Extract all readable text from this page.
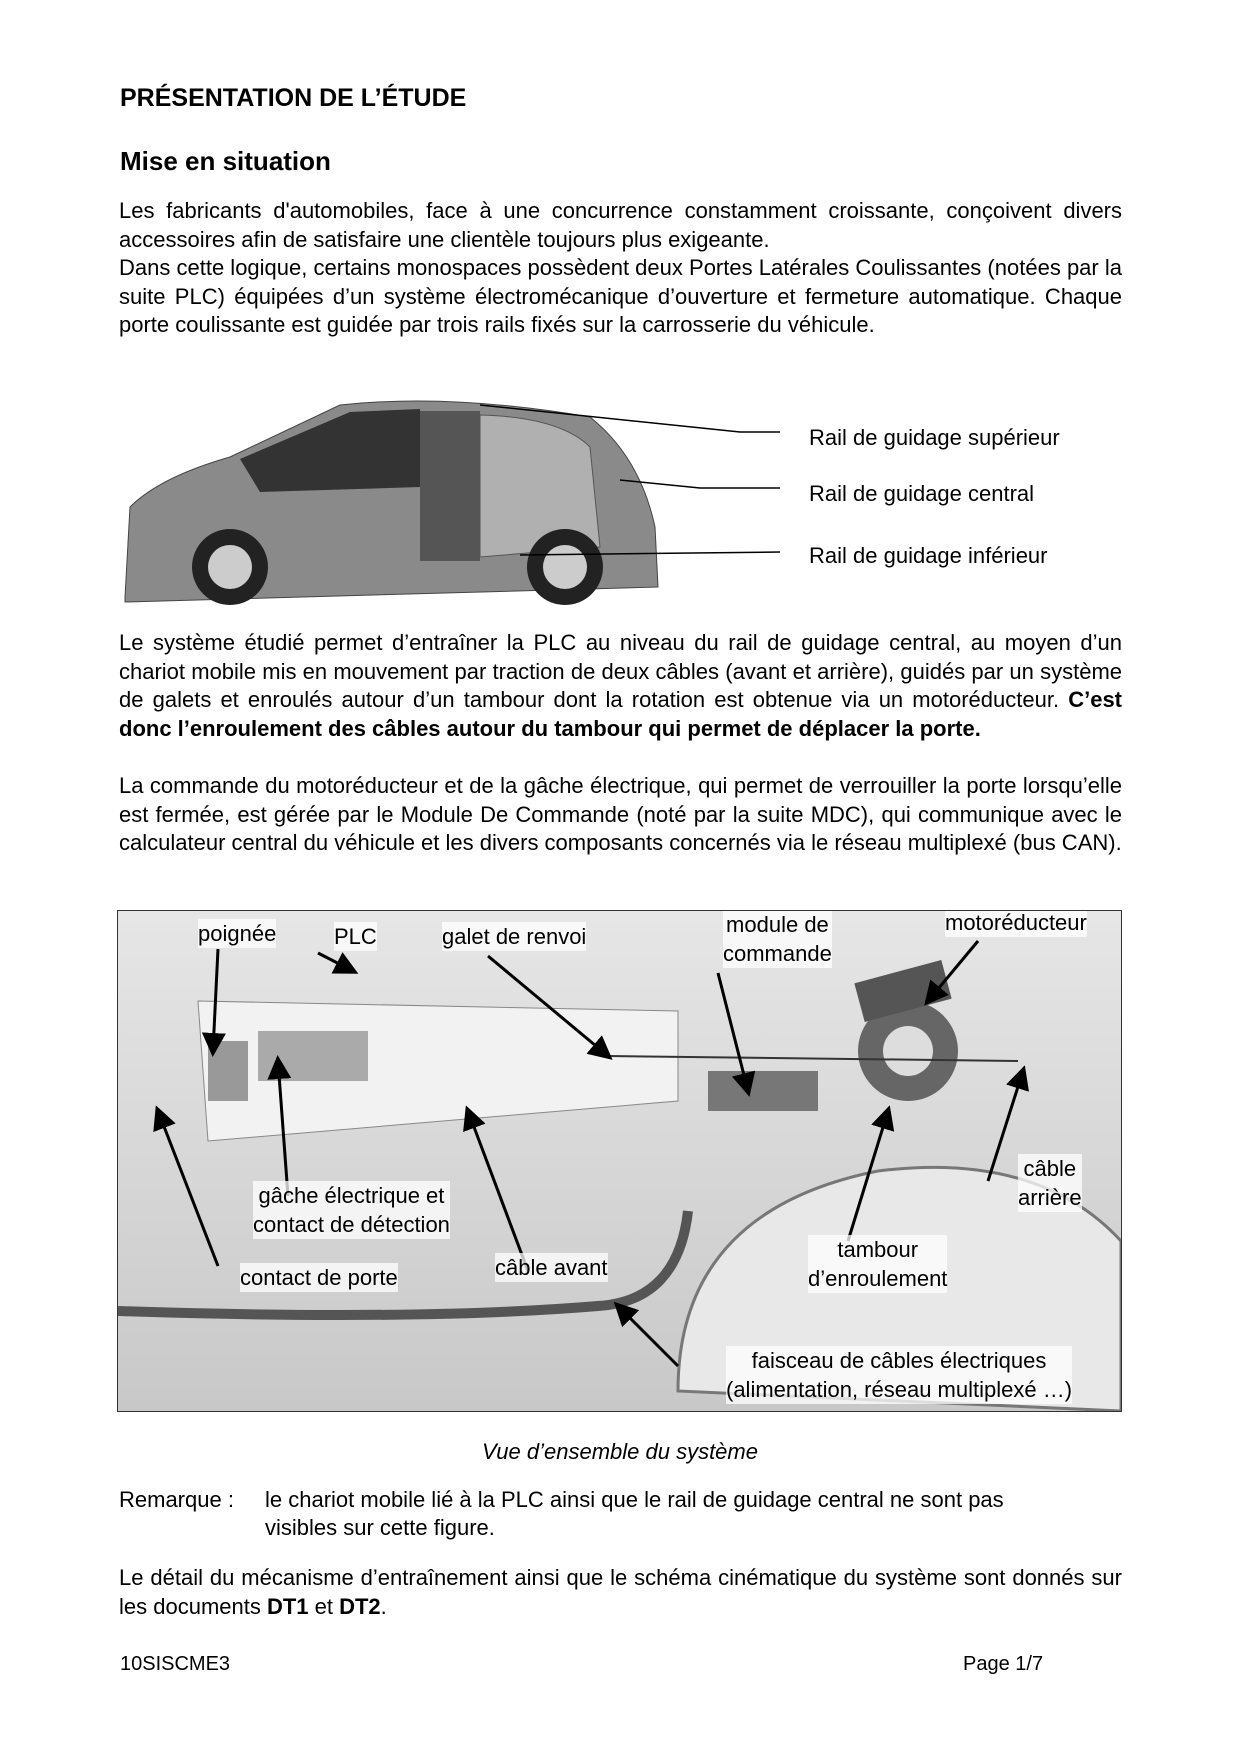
PRÉSENTATION DE L’ÉTUDE
Mise en situation

Les fabricants d'automobiles, face à une concurrence constamment croissante, conçoivent divers accessoires afin de satisfaire une clientèle toujours plus exigeante.

Dans cette logique, certains monospaces possèdent deux Portes Latérales Coulissantes (notées par la suite PLC) équipées d’un système électromécanique d’ouverture et fermeture automatique. Chaque porte coulissante est guidée par trois rails fixés sur la carrosserie du véhicule.

Rail de guidage supérieur
Rail de guidage central
Rail de guidage inférieur

Le système étudié permet d’entraîner la PLC au niveau du rail de guidage central, au moyen d’un chariot mobile mis en mouvement par traction de deux câbles (avant et arrière), guidés par un système de galets et enroulés autour d’un tambour dont la rotation est obtenue via un motoréducteur. C’est donc l’enroulement des câbles autour du tambour qui permet de déplacer la porte.

La commande du motoréducteur et de la gâche électrique, qui permet de verrouiller la porte lorsqu’elle est fermée, est gérée par le Module De Commande (noté par la suite MDC), qui communique avec le calculateur central du véhicule et les divers composants concernés via le réseau multiplexé (bus CAN).

poignée	PLC	galet de renvoi	module de
commande
motoréducteur
câble
arrière
gâche électrique et
contact de détection
contact de porte	câble avant
tambour
d’enroulement
faisceau de câbles électriques
(alimentation, réseau multiplexé …)
Vue d’ensemble du système
Remarque : le chariot mobile lié à la PLC ainsi que le rail de guidage central ne sont pas
visibles sur cette figure.

Le détail du mécanisme d’entraînement ainsi que le schéma cinématique du système sont donnés sur les documents DT1 et DT2.

10SISCME3	Page 1/7
